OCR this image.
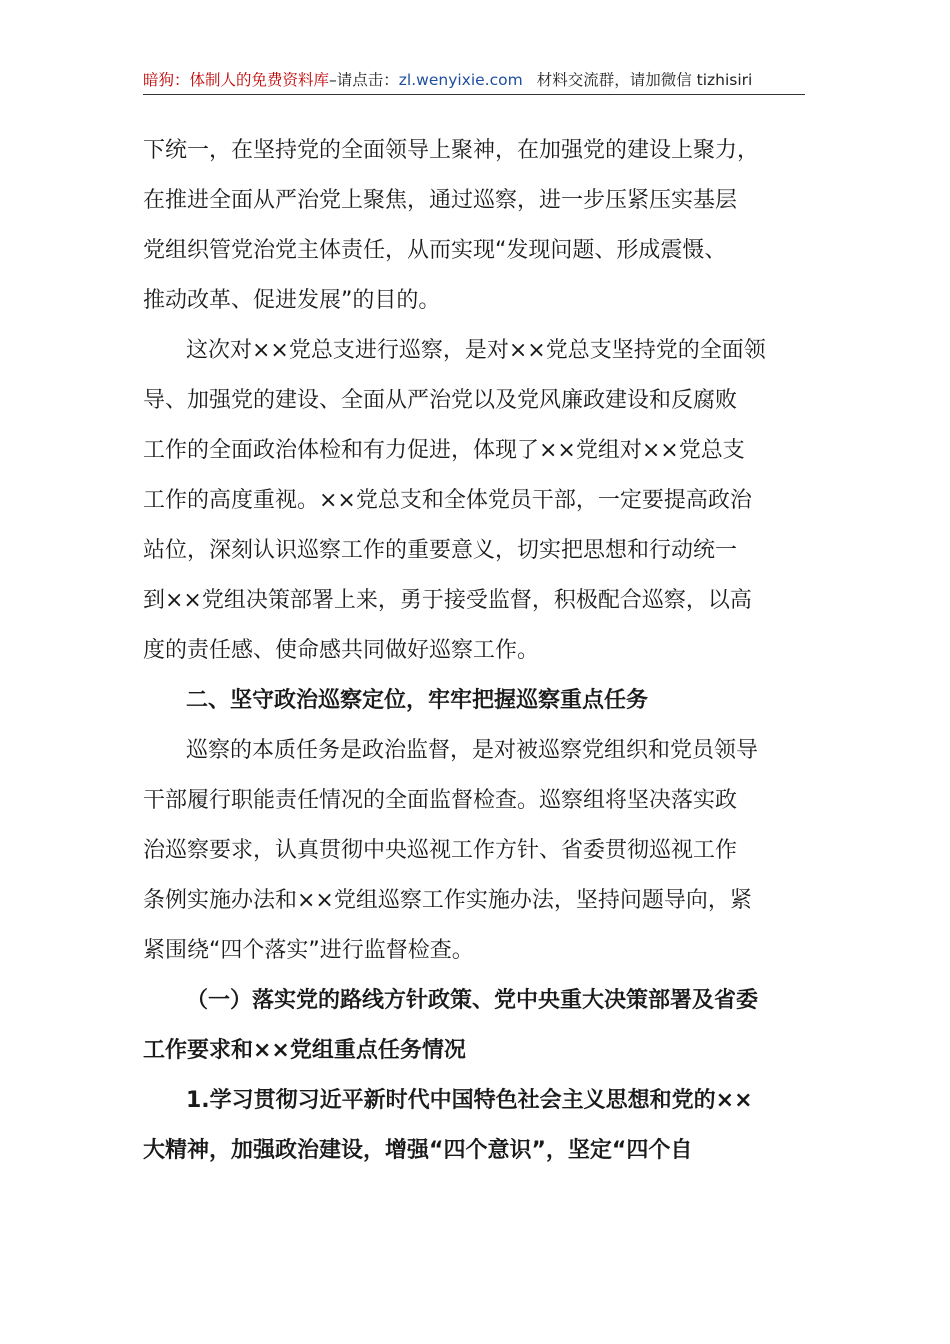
暗狗：体制人的免费资料库–请点击：zl.wenyixie.com 材料交流群，请加微信 tizhisiri
下统一，在坚持党的全面领导上聚神，在加强党的建设上聚力，
在推进全面从严治党上聚焦，通过巡察，进一步压紧压实基层
党组织管党治党主体责任，从而实现“发现问题、形成震慑、
推动改革、促进发展”的目的。
这次对××党总支进行巡察，是对××党总支坚持党的全面领
导、加强党的建设、全面从严治党以及党风廉政建设和反腐败
工作的全面政治体检和有力促进，体现了××党组对××党总支
工作的高度重视。××党总支和全体党员干部，一定要提高政治
站位，深刻认识巡察工作的重要意义，切实把思想和行动统一
到××党组决策部署上来，勇于接受监督，积极配合巡察，以高
度的责任感、使命感共同做好巡察工作。
二、坚守政治巡察定位，牢牢把握巡察重点任务
巡察的本质任务是政治监督，是对被巡察党组织和党员领导
干部履行职能责任情况的全面监督检查。巡察组将坚决落实政
治巡察要求，认真贯彻中央巡视工作方针、省委贯彻巡视工作
条例实施办法和××党组巡察工作实施办法，坚持问题导向，紧
紧围绕“四个落实”进行监督检查。
（一）落实党的路线方针政策、党中央重大决策部署及省委
工作要求和××党组重点任务情况
1.学习贯彻习近平新时代中国特色社会主义思想和党的××
大精神，加强政治建设，增强“四个意识”，坚定“四个自
